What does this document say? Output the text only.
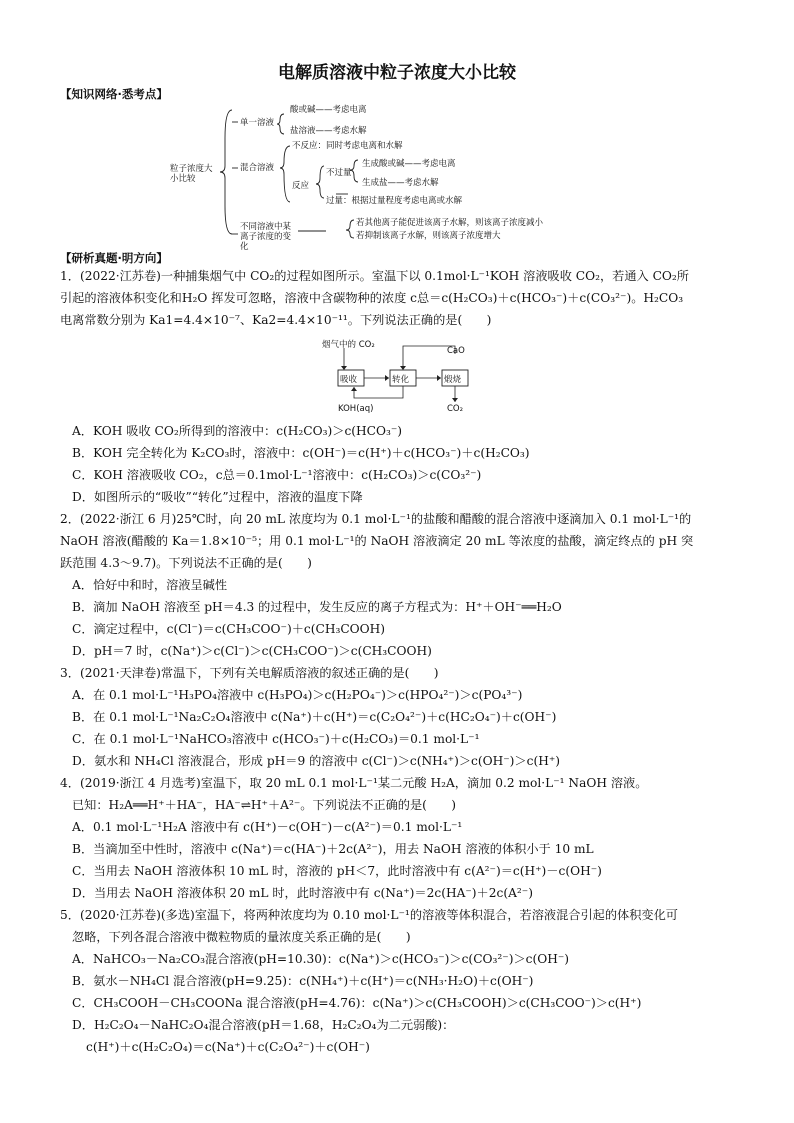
电解质溶液中粒子浓度大小比较
【知识网络·悉考点】
粒子浓度大小比较
单一溶液
酸或碱——考虑电离
盐溶液——考虑水解
混合溶液
不反应：同时考虑电离和水解
反应
不过量
生成酸或碱——考虑电离
生成盐——考虑水解
过量：根据过量程度考虑电离或水解
不同溶液中某离子浓度的变化
若其他离子能促进该离子水解，则该离子浓度减小
若抑制该离子水解，则该离子浓度增大
【研析真题·明方向】
1．(2022·江苏卷)一种捕集烟气中 CO₂的过程如图所示。室温下以 0.1mol·L⁻¹KOH 溶液吸收 CO₂，若通入 CO₂所
引起的溶液体积变化和H₂O 挥发可忽略，溶液中含碳物种的浓度 c总＝c(H₂CO₃)＋c(HCO₃⁻)＋c(CO₃²⁻)。H₂CO₃
电离常数分别为 Ka1=4.4×10⁻⁷、Ka2=4.4×10⁻¹¹。下列说法正确的是(　　)
烟气中的 CO₂
吸收	转化	煅烧
CaO
KOH(aq)	CO₂
A．KOH 吸收 CO₂所得到的溶液中：c(H₂CO₃)＞c(HCO₃⁻)
B．KOH 完全转化为 K₂CO₃时，溶液中：c(OH⁻)＝c(H⁺)＋c(HCO₃⁻)＋c(H₂CO₃)
C．KOH 溶液吸收 CO₂，c总＝0.1mol·L⁻¹溶液中：c(H₂CO₃)＞c(CO₃²⁻)
D．如图所示的“吸收”“转化”过程中，溶液的温度下降
2．(2022·浙江 6 月)25℃时，向 20 mL 浓度均为 0.1 mol·L⁻¹的盐酸和醋酸的混合溶液中逐滴加入 0.1 mol·L⁻¹的
NaOH 溶液(醋酸的 Ka＝1.8×10⁻⁵；用 0.1 mol·L⁻¹的 NaOH 溶液滴定 20 mL 等浓度的盐酸，滴定终点的 pH 突
跃范围 4.3～9.7)。下列说法不正确的是(　　)
A．恰好中和时，溶液呈碱性
B．滴加 NaOH 溶液至 pH＝4.3 的过程中，发生反应的离子方程式为：H⁺＋OH⁻══H₂O
C．滴定过程中，c(Cl⁻)＝c(CH₃COO⁻)＋c(CH₃COOH)
D．pH＝7 时，c(Na⁺)＞c(Cl⁻)＞c(CH₃COO⁻)＞c(CH₃COOH)
3．(2021·天津卷)常温下，下列有关电解质溶液的叙述正确的是(　　)
A．在 0.1 mol·L⁻¹H₃PO₄溶液中 c(H₃PO₄)＞c(H₂PO₄⁻)＞c(HPO₄²⁻)＞c(PO₄³⁻)
B．在 0.1 mol·L⁻¹Na₂C₂O₄溶液中 c(Na⁺)＋c(H⁺)＝c(C₂O₄²⁻)＋c(HC₂O₄⁻)＋c(OH⁻)
C．在 0.1 mol·L⁻¹NaHCO₃溶液中 c(HCO₃⁻)＋c(H₂CO₃)＝0.1 mol·L⁻¹
D．氨水和 NH₄Cl 溶液混合，形成 pH＝9 的溶液中 c(Cl⁻)＞c(NH₄⁺)＞c(OH⁻)＞c(H⁺)
4．(2019·浙江 4 月选考)室温下，取 20 mL 0.1 mol·L⁻¹某二元酸 H₂A，滴加 0.2 mol·L⁻¹ NaOH 溶液。
已知：H₂A══H⁺＋HA⁻，HA⁻⇌H⁺＋A²⁻。下列说法不正确的是(　　)
A．0.1 mol·L⁻¹H₂A 溶液中有 c(H⁺)－c(OH⁻)－c(A²⁻)＝0.1 mol·L⁻¹
B．当滴加至中性时，溶液中 c(Na⁺)＝c(HA⁻)＋2c(A²⁻)，用去 NaOH 溶液的体积小于 10 mL
C．当用去 NaOH 溶液体积 10 mL 时，溶液的 pH＜7，此时溶液中有 c(A²⁻)＝c(H⁺)－c(OH⁻)
D．当用去 NaOH 溶液体积 20 mL 时，此时溶液中有 c(Na⁺)＝2c(HA⁻)＋2c(A²⁻)
5．(2020·江苏卷)(多选)室温下，将两种浓度均为 0.10 mol·L⁻¹的溶液等体积混合，若溶液混合引起的体积变化可
忽略，下列各混合溶液中微粒物质的量浓度关系正确的是(　　)
A．NaHCO₃－Na₂CO₃混合溶液(pH=10.30)：c(Na⁺)＞c(HCO₃⁻)＞c(CO₃²⁻)＞c(OH⁻)
B．氨水－NH₄Cl 混合溶液(pH=9.25)：c(NH₄⁺)＋c(H⁺)＝c(NH₃·H₂O)＋c(OH⁻)
C．CH₃COOH－CH₃COONa 混合溶液(pH=4.76)：c(Na⁺)＞c(CH₃COOH)＞c(CH₃COO⁻)＞c(H⁺)
D．H₂C₂O₄－NaHC₂O₄混合溶液(pH＝1.68，H₂C₂O₄为二元弱酸)：
c(H⁺)＋c(H₂C₂O₄)＝c(Na⁺)＋c(C₂O₄²⁻)＋c(OH⁻)
